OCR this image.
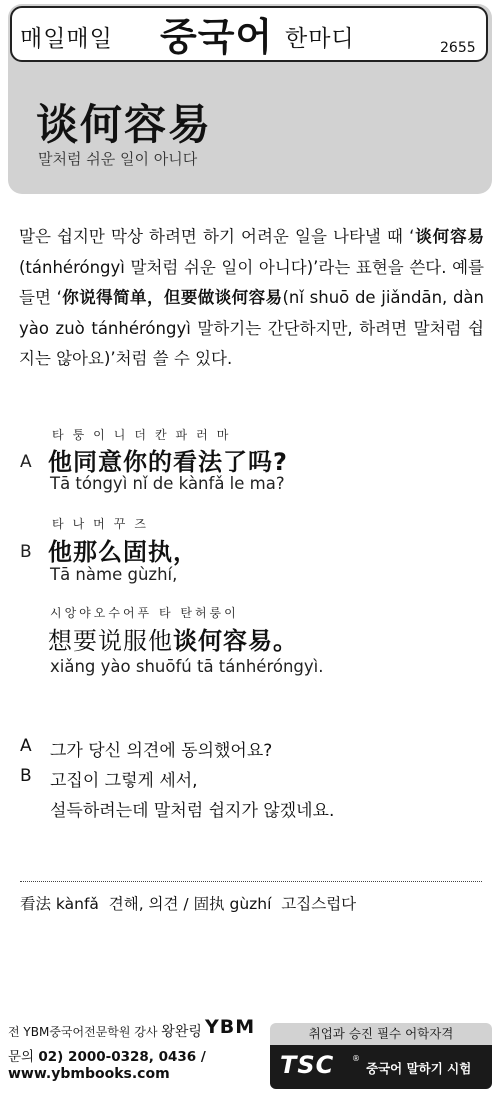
매일매일 중국어 한마디	2655
谈何容易
말처럼 쉬운 일이 아니다
말은 쉽지만 막상 하려면 하기 어려운 일을 나타낼 때 ‘谈何容易(tánhéróngyì 말처럼 쉬운 일이 아니다)’라는 표현을 쓴다. 예를 들면 ‘你说得简单，但要做谈何容易(nǐ shuō de jiǎndān, dàn yào zuò tánhéróngyì 말하기는 간단하지만, 하려면 말처럼 쉽지는 않아요)’처럼 쓸 수 있다.
A
타퉁이니더칸파러마
他同意你的看法了吗?
Tā tóngyì nǐ de kànfǎ le ma?
B
타나머꾸즈
他那么固执，
Tā nàme gùzhí,
시앙야오수어푸 타 탄허룽이
想要说服他谈何容易。
xiǎng yào shuōfú tā tánhéróngyì.
A 그가 당신 의견에 동의했어요?
B 고집이 그렇게 세서,
설득하려는데 말처럼 쉽지가 않겠네요.
看法 kànfǎ  견해, 의견 / 固执 gùzhí  고집스럽다
전 YBM중국어전문학원 강사 왕완링 YBM
문의 02) 2000-0328, 0436 /
www.ybmbooks.com
취업과 승진 필수 어학자격
TSC ®
중국어 말하기 시험
